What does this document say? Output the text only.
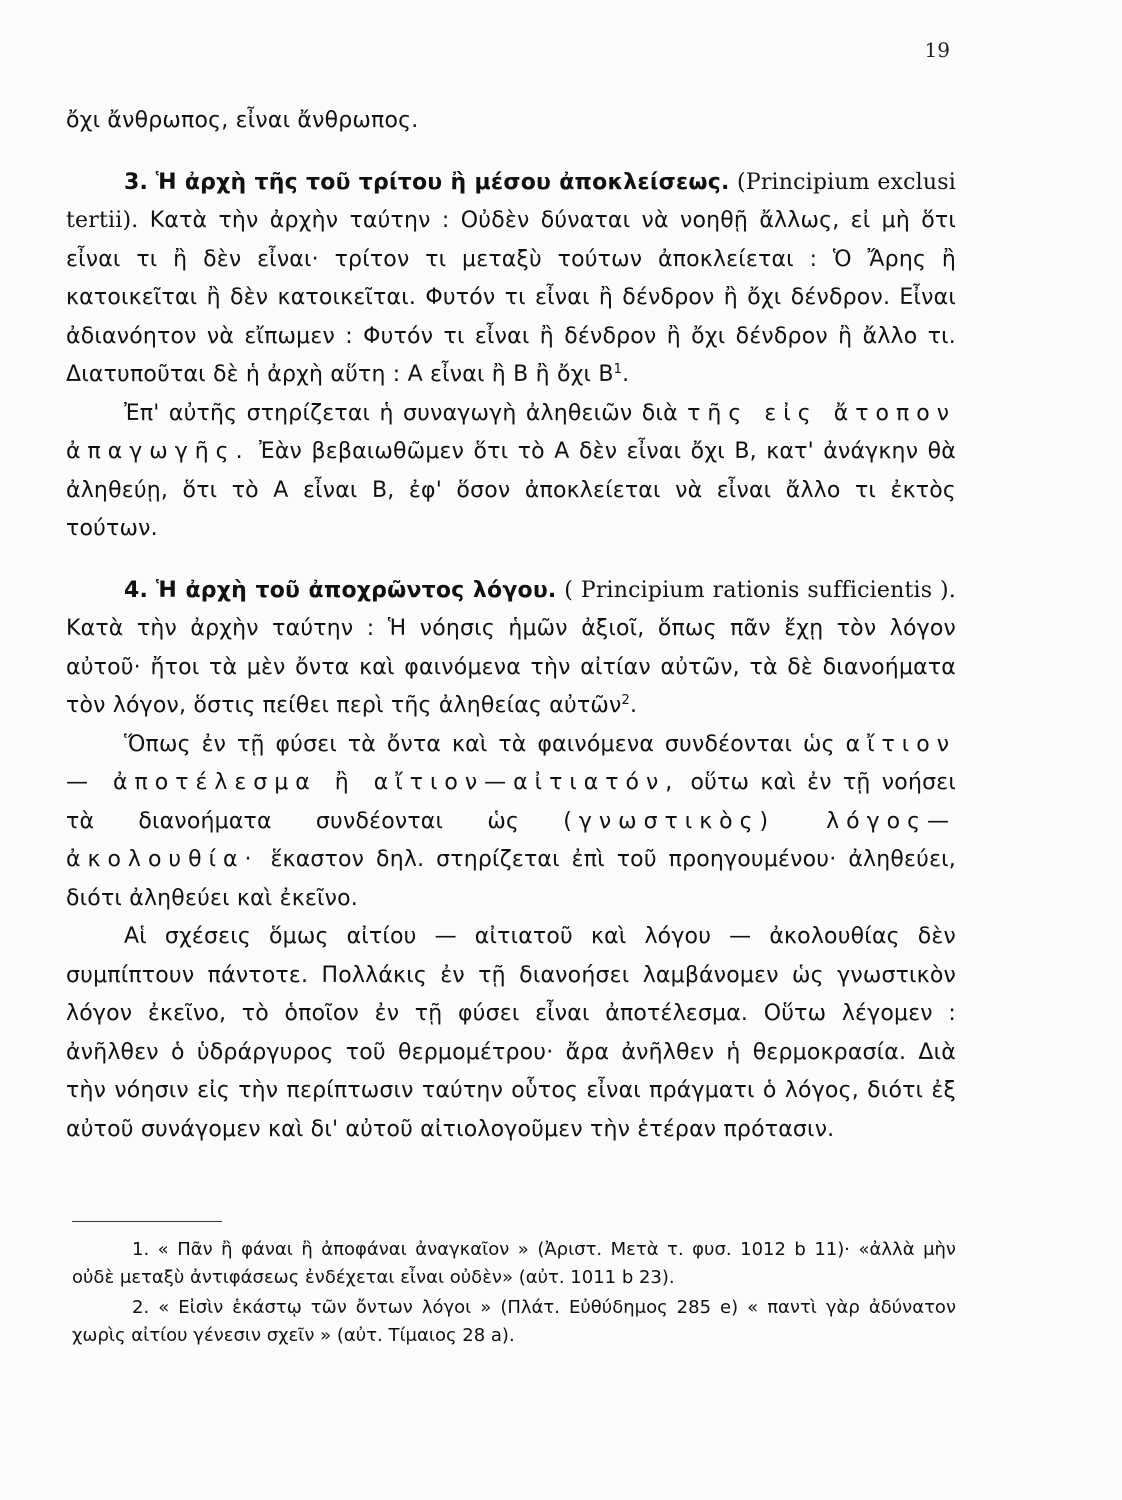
19

ὄχι ἄνθρωπος, εἶναι ἄνθρωπος.

3. Ἡ ἀρχὴ τῆς τοῦ τρίτου ἢ μέσου ἀποκλείσεως. (Principium exclusi tertii). Κατὰ τὴν ἀρχὴν ταύτην : Οὐδὲν δύναται νὰ νοηθῇ ἄλλως, εἰ μὴ ὅτι εἶναι τι ἢ δὲν εἶναι· τρίτον τι μεταξὺ τούτων ἀποκλείεται : Ὁ Ἄρης ἢ κατοικεῖται ἢ δὲν κατοικεῖται. Φυτόν τι εἶναι ἢ δένδρον ἢ ὄχι δένδρον. Εἶναι ἀδιανόητον νὰ εἴπωμεν : Φυτόν τι εἶναι ἢ δένδρον ἢ ὄχι δένδρον ἢ ἄλλο τι. Διατυποῦται δὲ ἡ ἀρχὴ αὕτη : Α εἶναι ἢ Β ἢ ὄχι $B^1$.

Ἐπ' αὐτῆς στηρίζεται ἡ συναγωγὴ ἀληθειῶν διὰ τῆς εἰς ἄτοπον ἀπαγωγῆς. Ἐὰν βεβαιωθῶμεν ὅτι τὸ Α δὲν εἶναι ὄχι Β, κατ' ἀνάγκην θὰ ἀληθεύῃ, ὅτι τὸ Α εἶναι Β, ἐφ' ὅσον ἀποκλείεται νὰ εἶναι ἄλλο τι ἐκτὸς τούτων.

4. Ἡ ἀρχὴ τοῦ ἀποχρῶντος λόγου. ( Principium rationis sufficientis ). Κατὰ τὴν ἀρχὴν ταύτην : Ἡ νόησις ἡμῶν ἀξιοῖ, ὅπως πᾶν ἔχῃ τὸν λόγον αὐτοῦ· ἤτοι τὰ μὲν ὄντα καὶ φαινόμενα τὴν αἰτίαν αὐτῶν, τὰ δὲ διανοήματα τὸν λόγον, ὅστις πείθει περὶ τῆς ἀληθείας αὐτῶν$^2$.

Ὅπως ἐν τῇ φύσει τὰ ὄντα καὶ τὰ φαινόμενα συνδέονται ὡς αἴτιον — ἀποτέλεσμα ἢ αἴτιον—αἰτιατόν, οὕτω καὶ ἐν τῇ νοήσει τὰ διανοήματα συνδέονται ὡς (γνωστικὸς) λόγος—ἀκολουθία· ἕκαστον δηλ. στηρίζεται ἐπὶ τοῦ προηγουμένου· ἀληθεύει, διότι ἀληθεύει καὶ ἐκεῖνο.

Αἱ σχέσεις ὅμως αἰτίου — αἰτιατοῦ καὶ λόγου — ἀκολουθίας δὲν συμπίπτουν πάντοτε. Πολλάκις ἐν τῇ διανοήσει λαμβάνομεν ὡς γνωστικὸν λόγον ἐκεῖνο, τὸ ὁποῖον ἐν τῇ φύσει εἶναι ἀποτέλεσμα. Οὕτω λέγομεν : ἀνῆλθεν ὁ ὑδράργυρος τοῦ θερμομέτρου· ἄρα ἀνῆλθεν ἡ θερμοκρασία. Διὰ τὴν νόησιν εἰς τὴν περίπτωσιν ταύτην οὗτος εἶναι πράγματι ὁ λόγος, διότι ἐξ αὐτοῦ συνάγομεν καὶ δι' αὐτοῦ αἰτιολογοῦμεν τὴν ἑτέραν πρότασιν.

1. « Πᾶν ἢ φάναι ἢ ἀποφάναι ἀναγκαῖον » (Ἀριστ. Μετὰ τ. φυσ. 1012 b 11)· «ἀλλὰ μὴν οὐδὲ μεταξὺ ἀντιφάσεως ἐνδέχεται εἶναι οὐδὲν» (αὐτ. 1011 b 23).

2. « Εἰσὶν ἑκάστῳ τῶν ὄντων λόγοι » (Πλάτ. Εὐθύδημος 285 e) « παντὶ γὰρ ἀδύνατον χωρὶς αἰτίου γένεσιν σχεῖν » (αὐτ. Τίμαιος 28 a).
